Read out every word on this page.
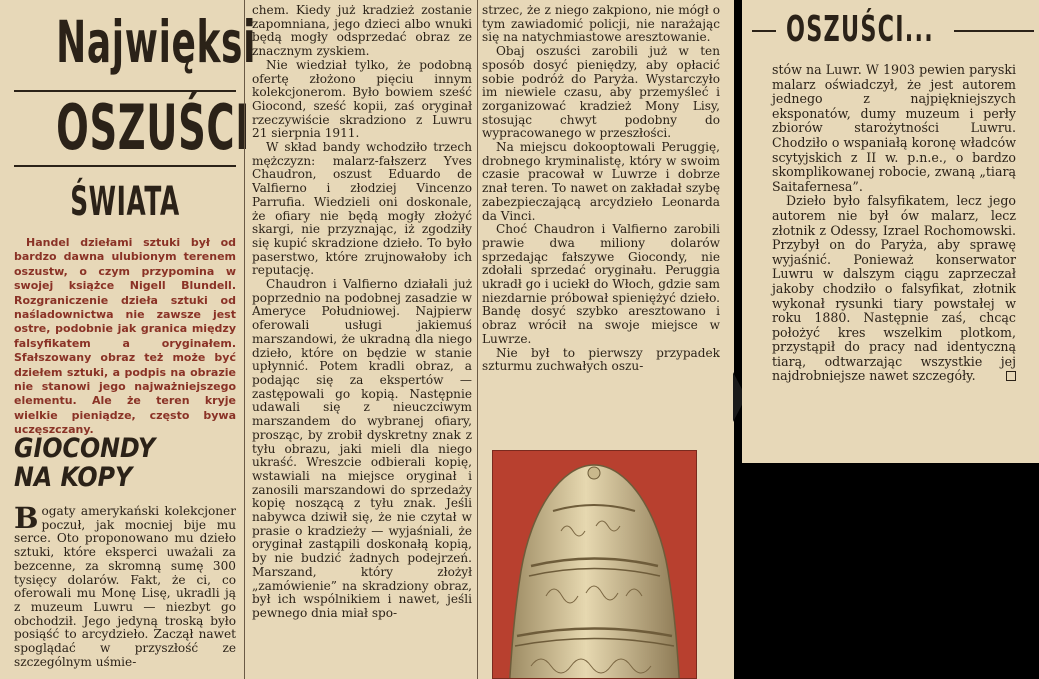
Najwięksi
OSZUŚCI
ŚWIATA

Handel dziełami sztuki był od bardzo dawna ulubionym terenem oszustw, o czym przypomina w swojej książce Nigell Blundell. Rozgraniczenie dzieła sztuki od naśladownictwa nie zawsze jest ostre, podobnie jak granica między falsyfikatem a oryginałem. Sfałszowany obraz też może być dziełem sztuki, a podpis na obrazie nie stanowi jego najważniejszego elementu. Ale że teren kryje wielkie pieniądze, często bywa uczęszczany.

GIOCONDY
NA KOPY

Bogaty amerykański kolekcjoner poczuł, jak mocniej bije mu serce. Oto proponowano mu dzieło sztuki, które eksperci uważali za bezcenne, za skromną sumę 300 tysięcy dolarów. Fakt, że ci, co oferowali mu Monę Lisę, ukradli ją z muzeum Luwru — niezbyt go obchodził. Jego jedyną troską było posiąść to arcydzieło. Zaczął nawet spoglądać w przyszłość ze szczególnym uśmie-

chem. Kiedy już kradzież zostanie zapomniana, jego dzieci albo wnuki będą mogły odsprzedać obraz ze znacznym zyskiem.

Nie wiedział tylko, że podobną ofertę złożono pięciu innym kolekcjonerom. Było bowiem sześć Giocond, sześć kopii, zaś oryginał rzeczywiście skradziono z Luwru 21 sierpnia 1911.

W skład bandy wchodziło trzech mężczyzn: malarz-fałszerz Yves Chaudron, oszust Eduardo de Valfierno i złodziej Vincenzo Parrufia. Wiedzieli oni doskonale, że ofiary nie będą mogły złożyć skargi, nie przyznając, iż zgodziły się kupić skradzione dzieło. To było paserstwo, które zrujnowałoby ich reputację.

Chaudron i Valfierno działali już poprzednio na podobnej zasadzie w Ameryce Południowej. Najpierw oferowali usługi jakiemuś marszandowi, że ukradną dla niego dzieło, które on będzie w stanie upłynnić. Potem kradli obraz, a podając się za ekspertów — zastępowali go kopią. Następnie udawali się z nieuczciwym marszandem do wybranej ofiary, prosząc, by zrobił dyskretny znak z tyłu obrazu, jaki mieli dla niego ukraść. Wreszcie odbierali kopię, wstawiali na miejsce oryginał i zanosili marszandowi do sprzedaży kopię noszącą z tyłu znak. Jeśli nabywca dziwił się, że nie czytał w prasie o kradzieży — wyjaśniali, że oryginał zastąpili doskonałą kopią, by nie budzić żadnych podejrzeń. Marszand, który złożył „zamówienie” na skradziony obraz, był ich wspólnikiem i nawet, jeśli pewnego dnia miał spo-

strzec, że z niego zakpiono, nie mógł o tym zawiadomić policji, nie narażając się na natychmiastowe aresztowanie.

Obaj oszuści zarobili już w ten sposób dosyć pieniędzy, aby opłacić sobie podróż do Paryża. Wystarczyło im niewiele czasu, aby przemyśleć i zorganizować kradzież Mony Lisy, stosując chwyt podobny do wypracowanego w przeszłości.

Na miejscu dokooptowali Peruggię, drobnego kryminalistę, który w swoim czasie pracował w Luwrze i dobrze znał teren. To nawet on zakładał szybę zabezpieczającą arcydzieło Leonarda da Vinci.

Choć Chaudron i Valfierno zarobili prawie dwa miliony dolarów sprzedając fałszywe Giocondy, nie zdołali sprzedać oryginału. Peruggia ukradł go i uciekł do Włoch, gdzie sam niezdarnie próbował spieniężyć dzieło. Bandę dosyć szybko aresztowano i obraz wrócił na swoje miejsce w Luwrze.

Nie był to pierwszy przypadek szturmu zuchwałych oszu-

OSZUŚCI...

stów na Luwr. W 1903 pewien paryski malarz oświadczył, że jest autorem jednego z najpiękniejszych eksponatów, dumy muzeum i perły zbiorów starożytności Luwru. Chodziło o wspaniałą koronę władców scytyjskich z II w. p.n.e., o bardzo skomplikowanej robocie, zwaną „tiarą Saitafernesa”.

Dzieło było falsyfikatem, lecz jego autorem nie był ów malarz, lecz złotnik z Odessy, Izrael Rochomowski. Przybył on do Paryża, aby sprawę wyjaśnić. Ponieważ konserwator Luwru w dalszym ciągu zaprzeczał jakoby chodziło o falsyfikat, złotnik wykonał rysunki tiary powstałej w roku 1880. Następnie zaś, chcąc położyć kres wszelkim plotkom, przystąpił do pracy nad identyczną tiarą, odtwarzając wszystkie jej najdrobniejsze nawet szczegóły.
